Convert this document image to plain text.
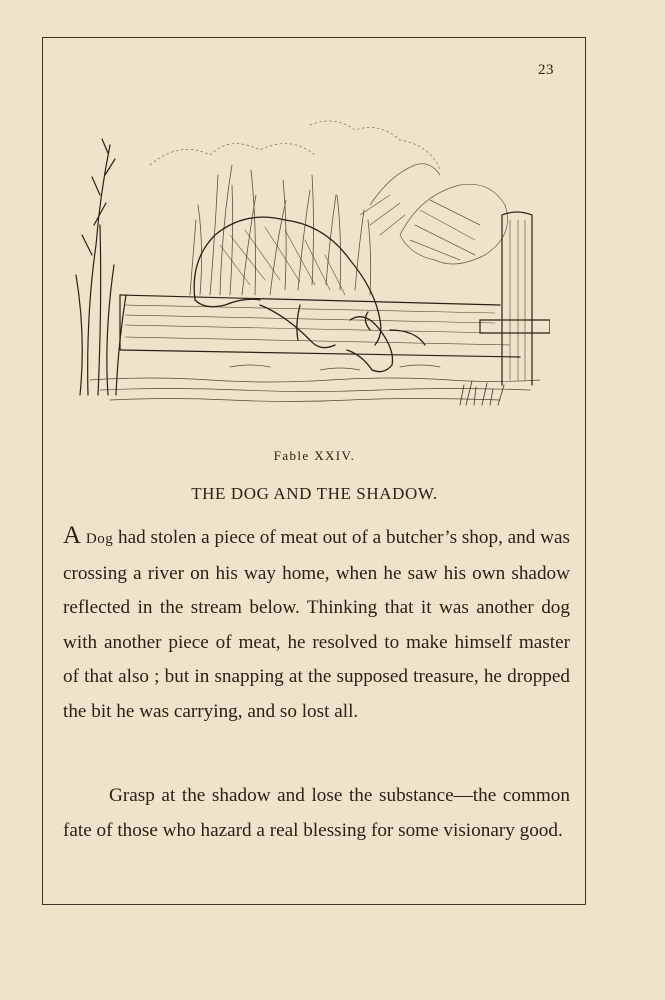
23
Fable XXIV.
THE DOG AND THE SHADOW.
A Dog had stolen a piece of meat out of a butcher’s shop, and was crossing a river on his way home, when he saw his own shadow reflected in the stream below. Thinking that it was another dog with another piece of meat, he resolved to make himself master of that also ; but in snapping at the supposed treasure, he dropped the bit he was carrying, and so lost all.
Grasp at the shadow and lose the substance—the common fate of those who hazard a real blessing for some visionary good.
